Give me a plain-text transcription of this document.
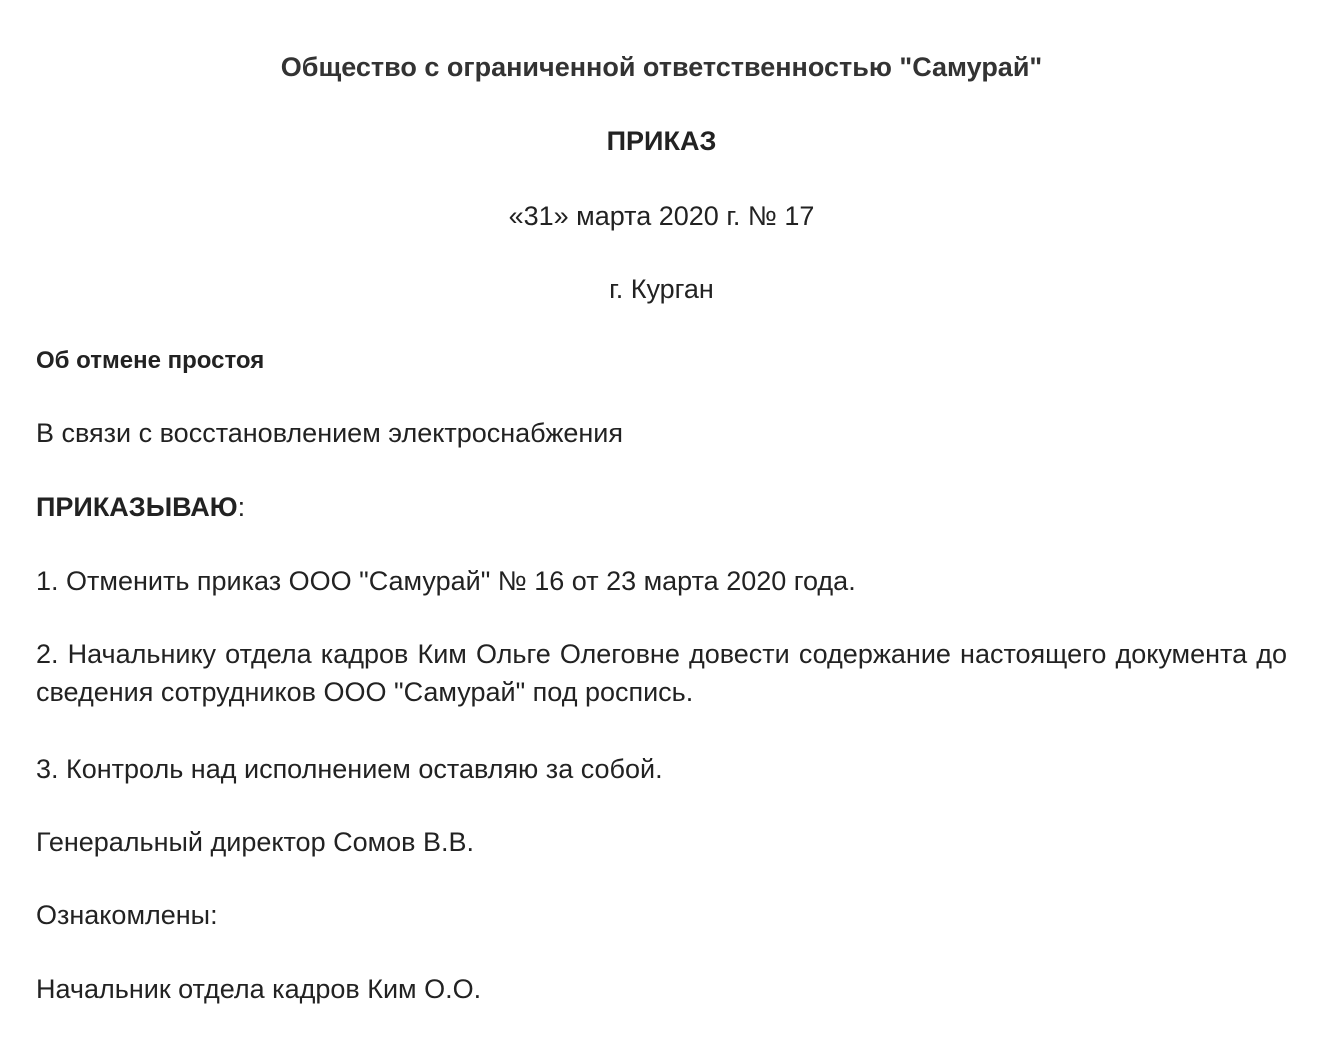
Общество с ограниченной ответственностью "Самурай"
ПРИКАЗ
«31» марта 2020 г. № 17
г. Курган
Об отмене простоя
В связи с восстановлением электроснабжения
ПРИКАЗЫВАЮ:
1. Отменить приказ ООО "Самурай" № 16 от 23 марта 2020 года.
2. Начальнику отдела кадров Ким Ольге Олеговне довести содержание настоящего документа до сведения сотрудников ООО "Самурай" под роспись.
3. Контроль над исполнением оставляю за собой.
Генеральный директор Сомов В.В.
Ознакомлены:
Начальник отдела кадров Ким О.О.
